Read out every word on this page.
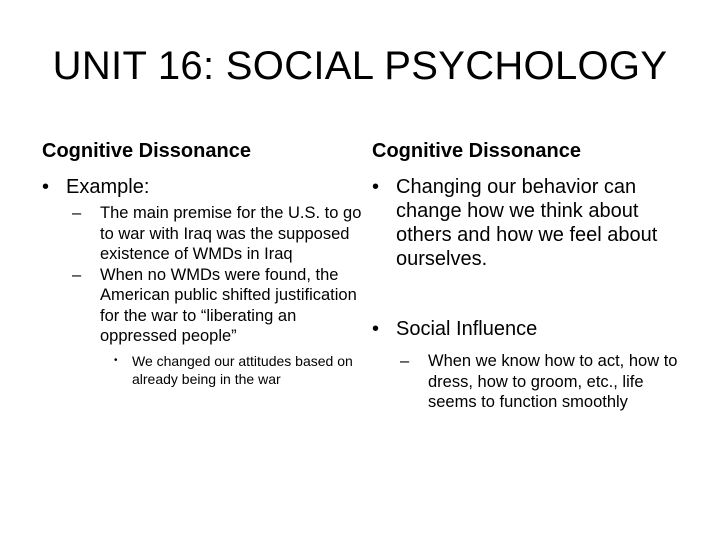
UNIT 16: SOCIAL PSYCHOLOGY
Cognitive Dissonance
• Example:
–	The main premise for the U.S. to go to war with Iraq was the supposed existence of WMDs in Iraq
–	When no WMDs were found, the American public shifted justification for the war to “liberating an oppressed people”
•	We changed our attitudes based on already being in the war
Cognitive Dissonance
• Changing our behavior can change how we think about others and how we feel about ourselves.
• Social Influence
–	When we know how to act, how to dress, how to groom, etc., life seems to function smoothly
